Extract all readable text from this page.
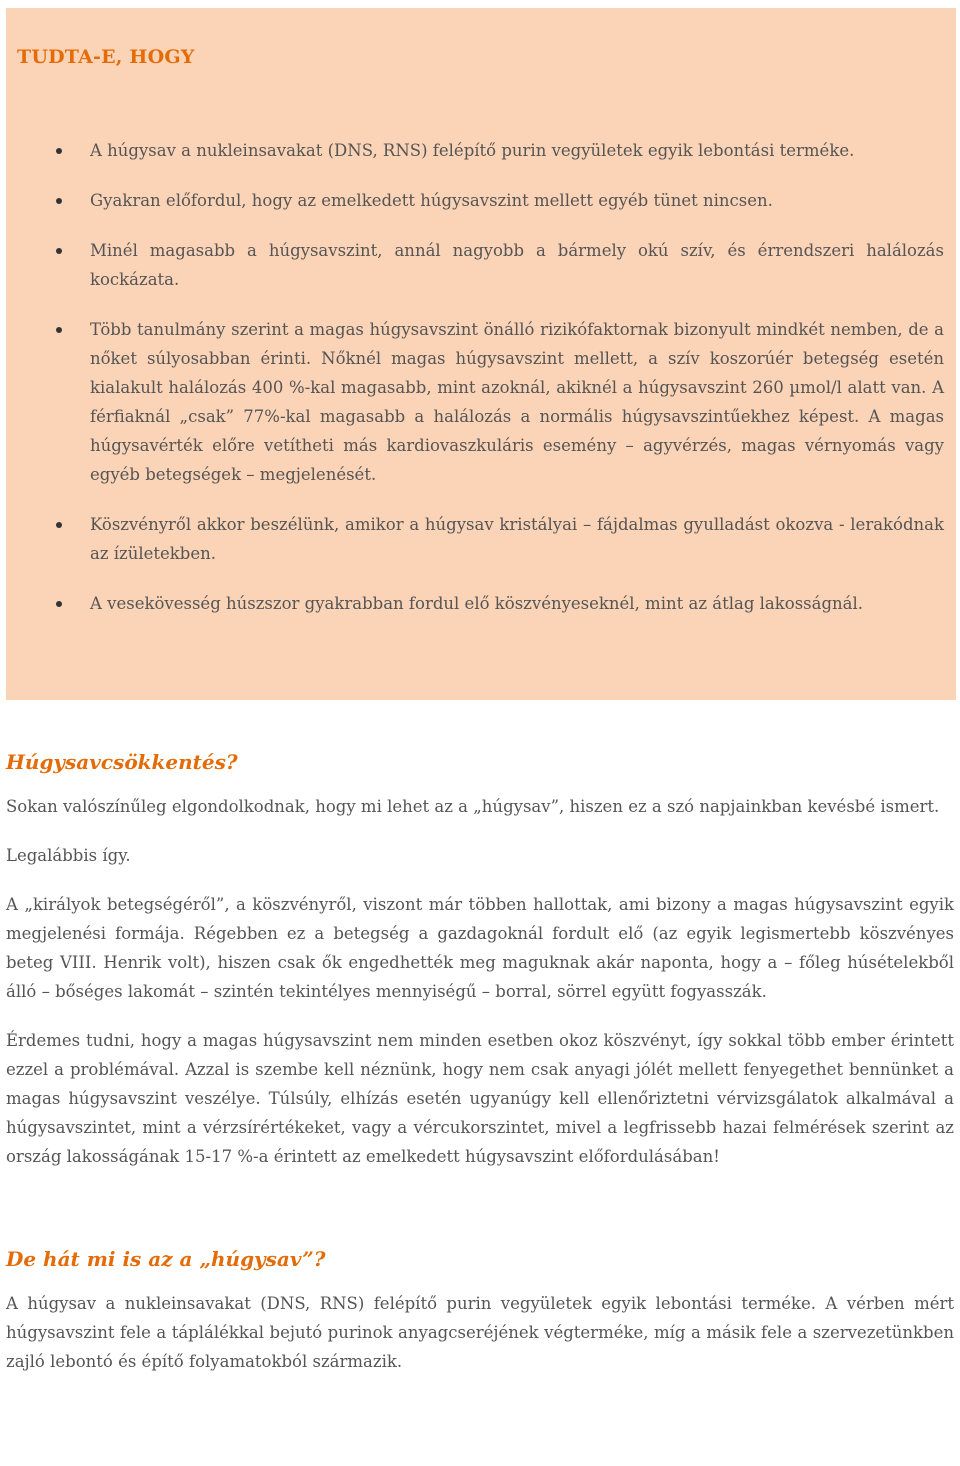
TUDTA-E, HOGY
A húgysav a nukleinsavakat (DNS, RNS) felépítő purin vegyületek egyik lebontási terméke.
Gyakran előfordul, hogy az emelkedett húgysavszint mellett egyéb tünet nincsen.
Minél magasabb a húgysavszint, annál nagyobb a bármely okú szív, és érrendszeri halálozás kockázata.
Több tanulmány szerint a magas húgysavszint önálló rizikófaktornak bizonyult mindkét nemben, de a nőket súlyosabban érinti. Nőknél magas húgysavszint mellett, a szív koszorúér betegség esetén kialakult halálozás 400 %-kal magasabb, mint azoknál, akiknél a húgysavszint 260 µmol/l alatt van. A férfiaknál „csak” 77%-kal magasabb a halálozás a normális húgysavszintűekhez képest. A magas húgysavérték előre vetítheti más kardiovaszkuláris esemény – agyvérzés, magas vérnyomás vagy egyéb betegségek – megjelenését.
Köszvényről akkor beszélünk, amikor a húgysav kristályai – fájdalmas gyulladást okozva - lerakódnak az ízületekben.
A vesekövesség húszszor gyakrabban fordul elő köszvényeseknél, mint az átlag lakosságnál.
Húgysavcsökkentés?

Sokan valószínűleg elgondolkodnak, hogy mi lehet az a „húgysav”, hiszen ez a szó napjainkban kevésbé ismert.

Legalábbis így.

A „királyok betegségéről”, a köszvényről, viszont már többen hallottak, ami bizony a magas húgysavszint egyik megjelenési formája. Régebben ez a betegség a gazdagoknál fordult elő (az egyik legismertebb köszvényes beteg VIII. Henrik volt), hiszen csak ők engedhették meg maguknak akár naponta, hogy a – főleg húsételekből álló – bőséges lakomát – szintén tekintélyes mennyiségű – borral, sörrel együtt fogyasszák.

Érdemes tudni, hogy a magas húgysavszint nem minden esetben okoz köszvényt, így sokkal több ember érintett ezzel a problémával. Azzal is szembe kell néznünk, hogy nem csak anyagi jólét mellett fenyegethet bennünket a magas húgysavszint veszélye. Túlsúly, elhízás esetén ugyanúgy kell ellenőriztetni vérvizsgálatok alkalmával a húgysavszintet, mint a vérzsírértékeket, vagy a vércukorszintet, mivel a legfrissebb hazai felmérések szerint az ország lakosságának 15-17 %-a érintett az emelkedett húgysavszint előfordulásában!

De hát mi is az a „húgysav”?

A húgysav a nukleinsavakat (DNS, RNS) felépítő purin vegyületek egyik lebontási terméke. A vérben mért húgysavszint fele a táplálékkal bejutó purinok anyagcseréjének végterméke, míg a másik fele a szervezetünkben zajló lebontó és építő folyamatokból származik.
